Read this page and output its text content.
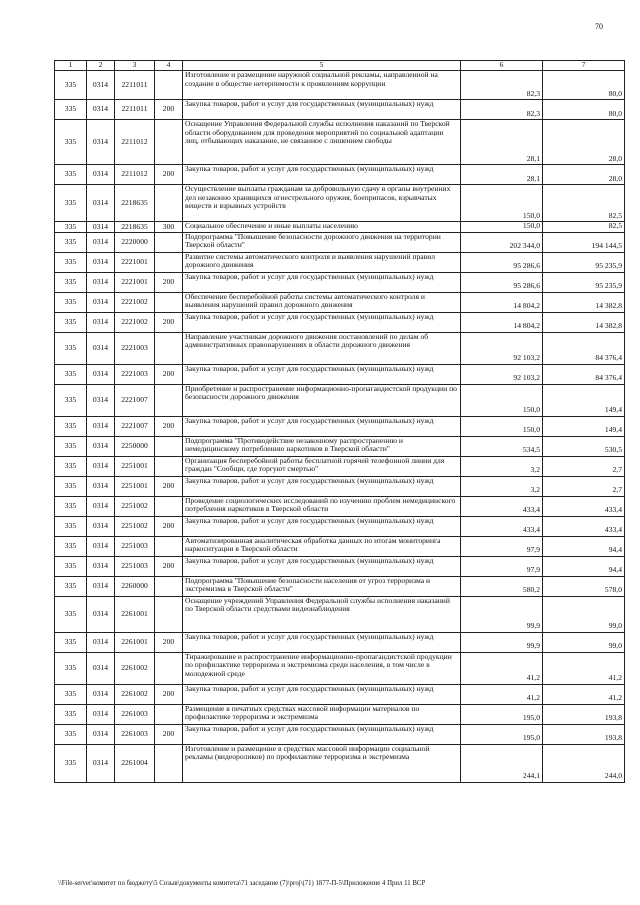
70
1	2	3	4	5	6	7
335	0314	2211011		Изготовление и размещение наружной социальной рекламы, направленной на создание в обществе нетерпимости к проявлениям коррупции	82,3	80,0
335	0314	2211011	200	Закупка товаров, работ и услуг для государственных (муниципальных) нужд	82,3	80,0
335	0314	2211012		Оснащение Управления Федеральной службы исполнения наказаний по Тверской области оборудованием для проведения мероприятий по социальной адаптации лиц, отбывающих наказание, не связанное с лишением свободы	28,1	28,0
335	0314	2211012	200	Закупка товаров, работ и услуг для государственных (муниципальных) нужд	28,1	28,0
335	0314	2218635		Осуществление выплаты гражданам за добровольную сдачу в органы внутренних дел незаконно хранящихся огнестрельного оружия, боеприпасов, взрывчатых веществ и взрывных устройств	150,0	82,5
335	0314	2218635	300	Социальное обеспечение и иные выплаты населению	150,0	82,5
335	0314	2220000		Подпрограмма "Повышение безопасности дорожного движения на территории Тверской области"	202 344,0	194 144,5
335	0314	2221001		Развитие системы автоматического контроля и выявления нарушений правил дорожного движения	95 286,6	95 235,9
335	0314	2221001	200	Закупка товаров, работ и услуг для государственных (муниципальных) нужд	95 286,6	95 235,9
335	0314	2221002		Обеспечение бесперебойной работы системы автоматического контроля и выявления нарушений правил дорожного движения	14 804,2	14 382,8
335	0314	2221002	200	Закупка товаров, работ и услуг для государственных (муниципальных) нужд	14 804,2	14 382,8
335	0314	2221003		Направление участникам дорожного движения постановлений по делам об административных правонарушениях в области дорожного движения	92 103,2	84 376,4
335	0314	2221003	200	Закупка товаров, работ и услуг для государственных (муниципальных) нужд	92 103,2	84 376,4
335	0314	2221007		Приобретение и распространение информационно-пропагандистской продукции по безопасности дорожного движения	150,0	149,4
335	0314	2221007	200	Закупка товаров, работ и услуг для государственных (муниципальных) нужд	150,0	149,4
335	0314	2250000		Подпрограмма "Противодействие незаконному распространению и немедицинскому потреблению наркотиков в Тверской области"	534,5	530,5
335	0314	2251001		Организация бесперебойной работы бесплатной горячей телефонной линии для граждан "Сообщи, где торгуют смертью"	3,2	2,7
335	0314	2251001	200	Закупка товаров, работ и услуг для государственных (муниципальных) нужд	3,2	2,7
335	0314	2251002		Проведение социологических исследований по изучению проблем немедицинского потребления наркотиков в Тверской области	433,4	433,4
335	0314	2251002	200	Закупка товаров, работ и услуг для государственных (муниципальных) нужд	433,4	433,4
335	0314	2251003		Автоматизированная аналитическая обработка данных по итогам мониторинга наркоситуации в Тверской области	97,9	94,4
335	0314	2251003	200	Закупка товаров, работ и услуг для государственных (муниципальных) нужд	97,9	94,4
335	0314	2260000		Подпрограмма "Повышение безопасности населения от угроз терроризма и экстремизма в Тверской области"	580,2	578,0
335	0314	2261001		Оснащение учреждений Управления Федеральной службы исполнения наказаний по Тверской области средствами видеонаблюдения	99,9	99,0
335	0314	2261001	200	Закупка товаров, работ и услуг для государственных (муниципальных) нужд	99,9	99,0
335	0314	2261002		Тиражирование и распространение информационно-пропагандистской продукции по профилактике терроризма и экстремизма среди населения, в том числе в молодежной среде	41,2	41,2
335	0314	2261002	200	Закупка товаров, работ и услуг для государственных (муниципальных) нужд	41,2	41,2
335	0314	2261003		Размещение в печатных средствах массовой информации материалов по профилактике терроризма и экстремизма	195,0	193,8
335	0314	2261003	200	Закупка товаров, работ и услуг для государственных (муниципальных) нужд	195,0	193,8
335	0314	2261004		Изготовление и размещение в средствах массовой информации социальной рекламы (видеороликов) по профилактике терроризма и экстремизма	244,1	244,0
\\File-server\комитет по бюджету\5 Созыв\документы комитета\71 заседание (7)\proj\(71) 1877-П-5\Приложение 4 Прил 11 BCP
